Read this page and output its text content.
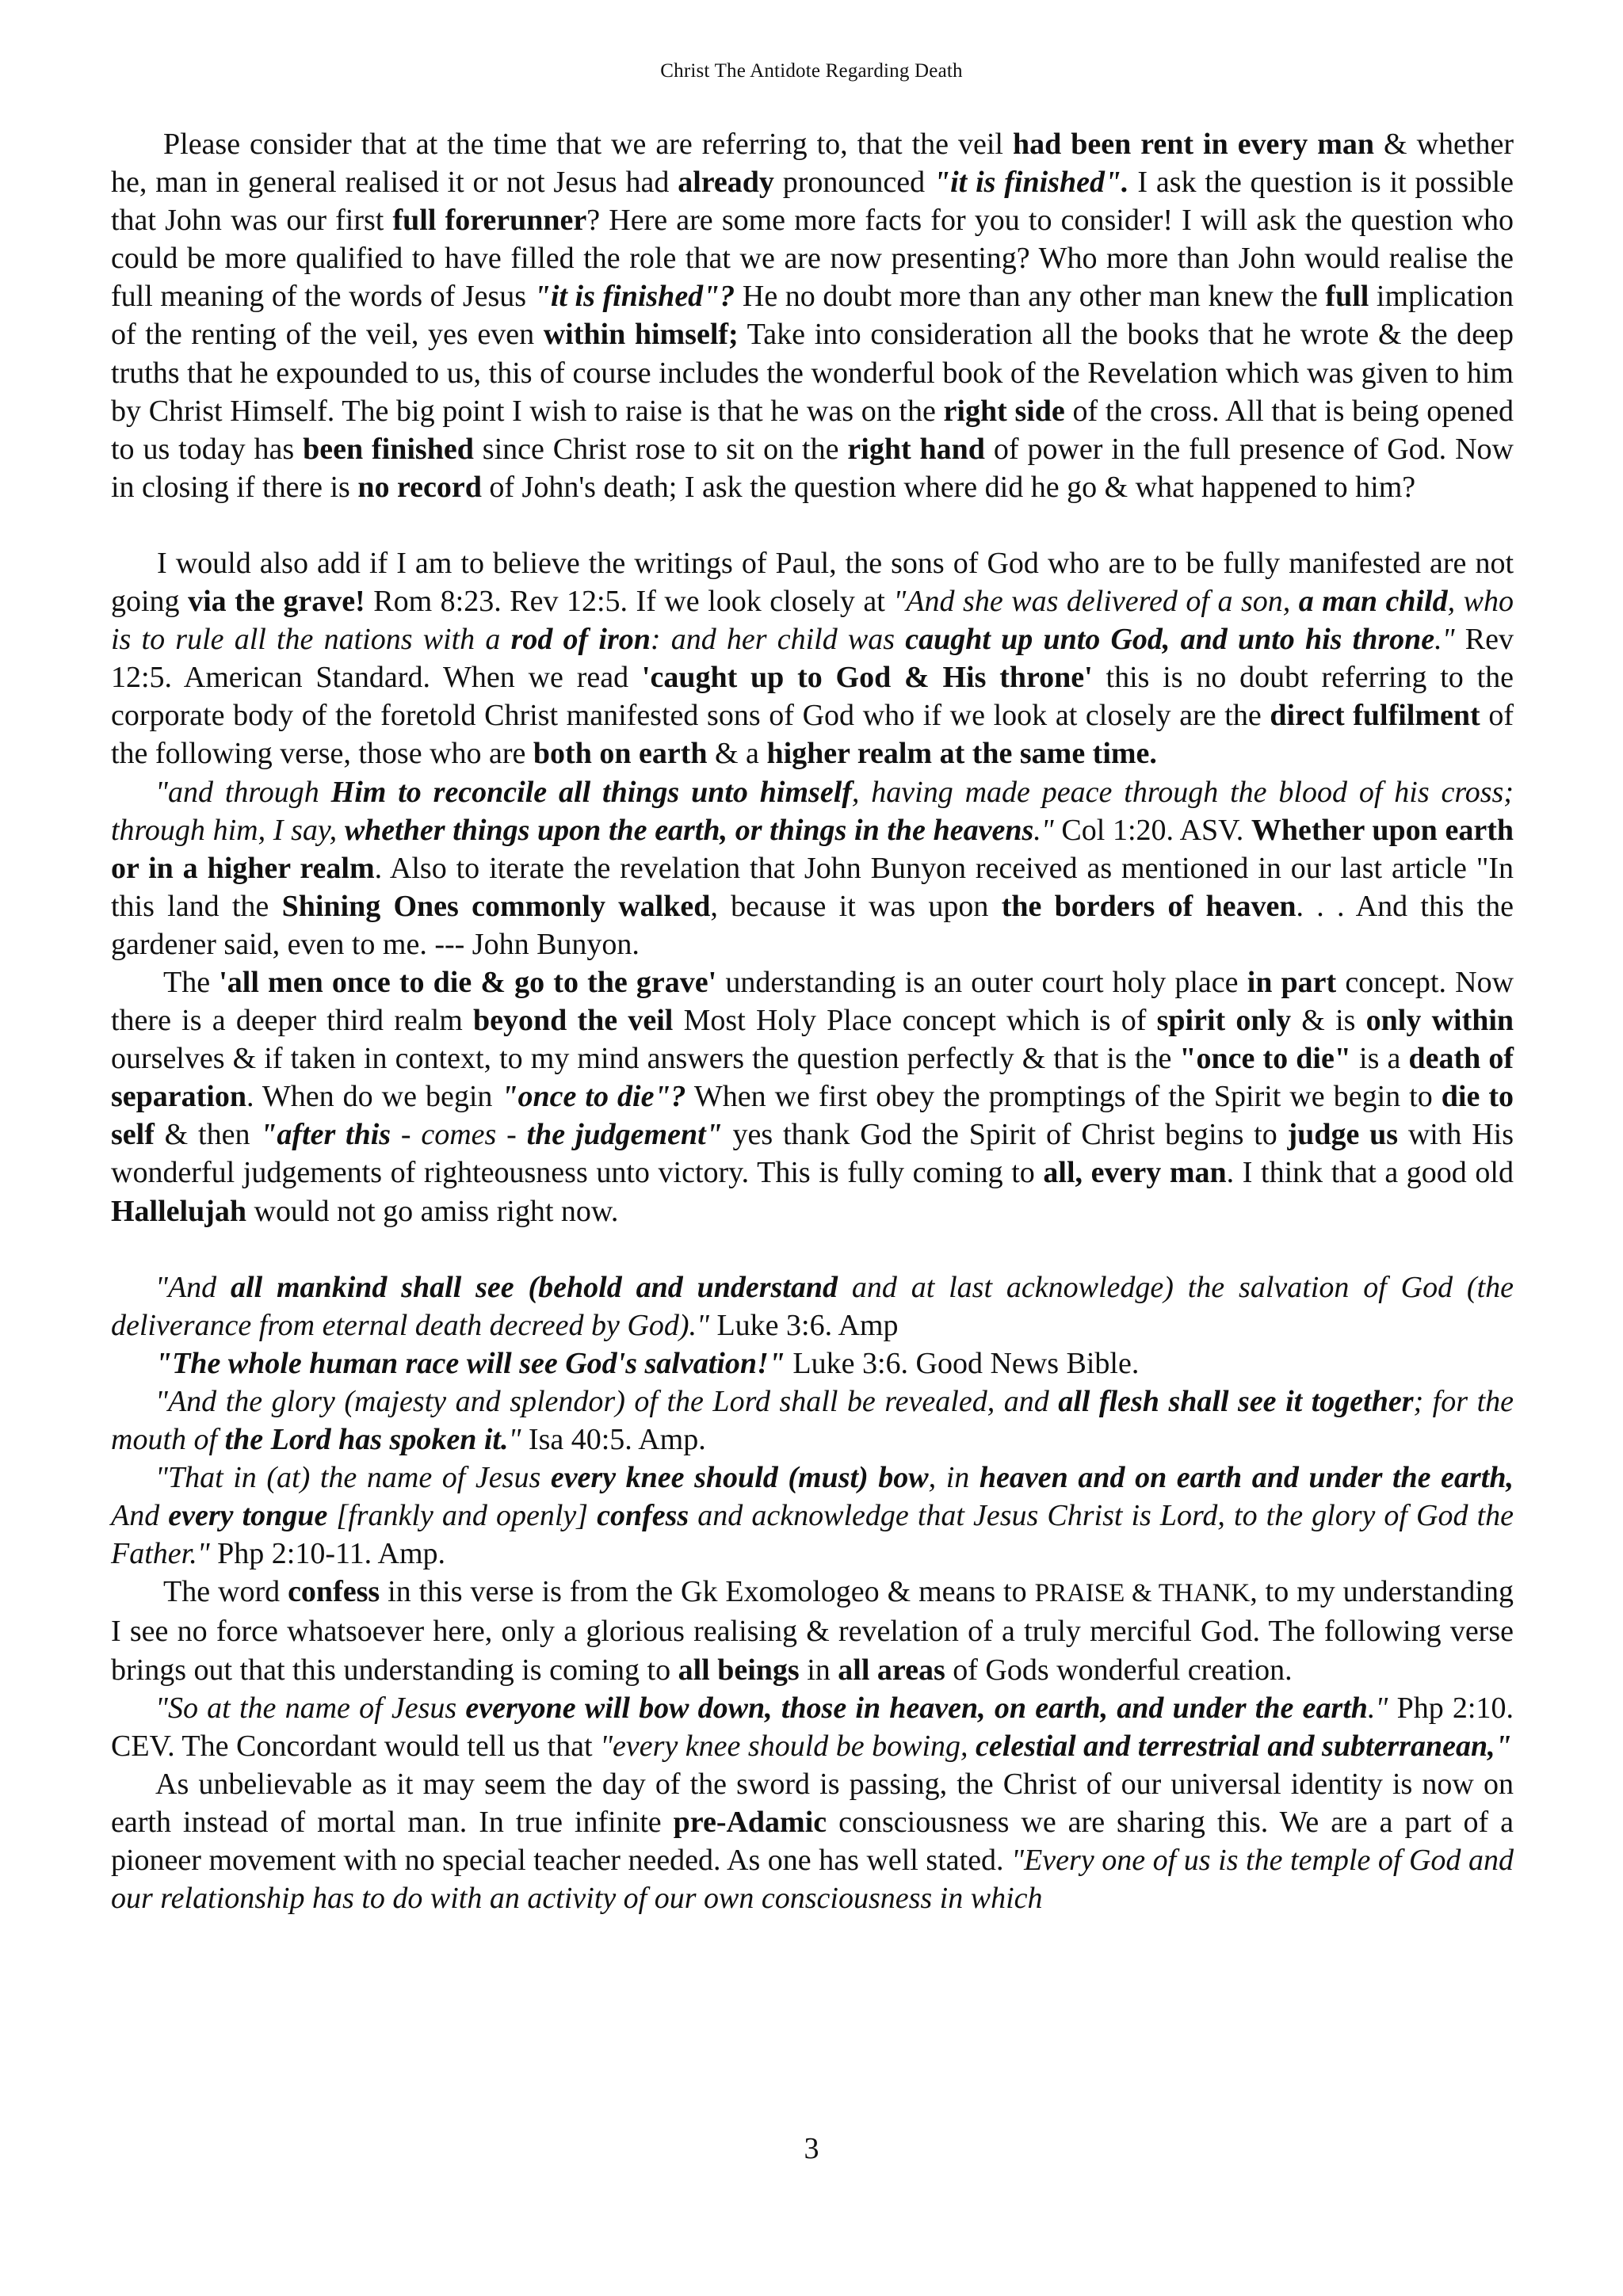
Christ The Antidote Regarding Death

Please consider that at the time that we are referring to, that the veil had been rent in every man & whether he, man in general realised it or not Jesus had already pronounced "it is finished". I ask the question is it possible that John was our first full forerunner? Here are some more facts for you to consider! I will ask the question who could be more qualified to have filled the role that we are now presenting? Who more than John would realise the full meaning of the words of Jesus "it is finished"? He no doubt more than any other man knew the full implication of the renting of the veil, yes even within himself; Take into consideration all the books that he wrote & the deep truths that he expounded to us, this of course includes the wonderful book of the Revelation which was given to him by Christ Himself. The big point I wish to raise is that he was on the right side of the cross. All that is being opened to us today has been finished since Christ rose to sit on the right hand of power in the full presence of God. Now in closing if there is no record of John's death; I ask the question where did he go & what happened to him?

I would also add if I am to believe the writings of Paul, the sons of God who are to be fully manifested are not going via the grave! Rom 8:23. Rev 12:5. If we look closely at "And she was delivered of a son, a man child, who is to rule all the nations with a rod of iron: and her child was caught up unto God, and unto his throne." Rev 12:5. American Standard. When we read 'caught up to God & His throne' this is no doubt referring to the corporate body of the foretold Christ manifested sons of God who if we look at closely are the direct fulfilment of the following verse, those who are both on earth & a higher realm at the same time.

"and through Him to reconcile all things unto himself, having made peace through the blood of his cross; through him, I say, whether things upon the earth, or things in the heavens." Col 1:20. ASV. Whether upon earth or in a higher realm. Also to iterate the revelation that John Bunyon received as mentioned in our last article "In this land the Shining Ones commonly walked, because it was upon the borders of heaven. . . And this the gardener said, even to me. --- John Bunyon.

The 'all men once to die & go to the grave' understanding is an outer court holy place in part concept. Now there is a deeper third realm beyond the veil Most Holy Place concept which is of spirit only & is only within ourselves & if taken in context, to my mind answers the question perfectly & that is the "once to die" is a death of separation. When do we begin "once to die"? When we first obey the promptings of the Spirit we begin to die to self & then "after this - comes - the judgement" yes thank God the Spirit of Christ begins to judge us with His wonderful judgements of righteousness unto victory. This is fully coming to all, every man. I think that a good old Hallelujah would not go amiss right now.

"And all mankind shall see (behold and understand and at last acknowledge) the salvation of God (the deliverance from eternal death decreed by God)." Luke 3:6. Amp

"The whole human race will see God's salvation!" Luke 3:6. Good News Bible.

"And the glory (majesty and splendor) of the Lord shall be revealed, and all flesh shall see it together; for the mouth of the Lord has spoken it." Isa 40:5. Amp.

"That in (at) the name of Jesus every knee should (must) bow, in heaven and on earth and under the earth, And every tongue [frankly and openly] confess and acknowledge that Jesus Christ is Lord, to the glory of God the Father." Php 2:10-11. Amp.

The word confess in this verse is from the Gk Exomologeo & means to PRAISE & THANK, to my understanding I see no force whatsoever here, only a glorious realising & revelation of a truly merciful God. The following verse brings out that this understanding is coming to all beings in all areas of Gods wonderful creation.

"So at the name of Jesus everyone will bow down, those in heaven, on earth, and under the earth." Php 2:10. CEV. The Concordant would tell us that "every knee should be bowing, celestial and terrestrial and subterranean,"

As unbelievable as it may seem the day of the sword is passing, the Christ of our universal identity is now on earth instead of mortal man. In true infinite pre-Adamic consciousness we are sharing this. We are a part of a pioneer movement with no special teacher needed. As one has well stated. "Every one of us is the temple of God and our relationship has to do with an activity of our own consciousness in which

3
